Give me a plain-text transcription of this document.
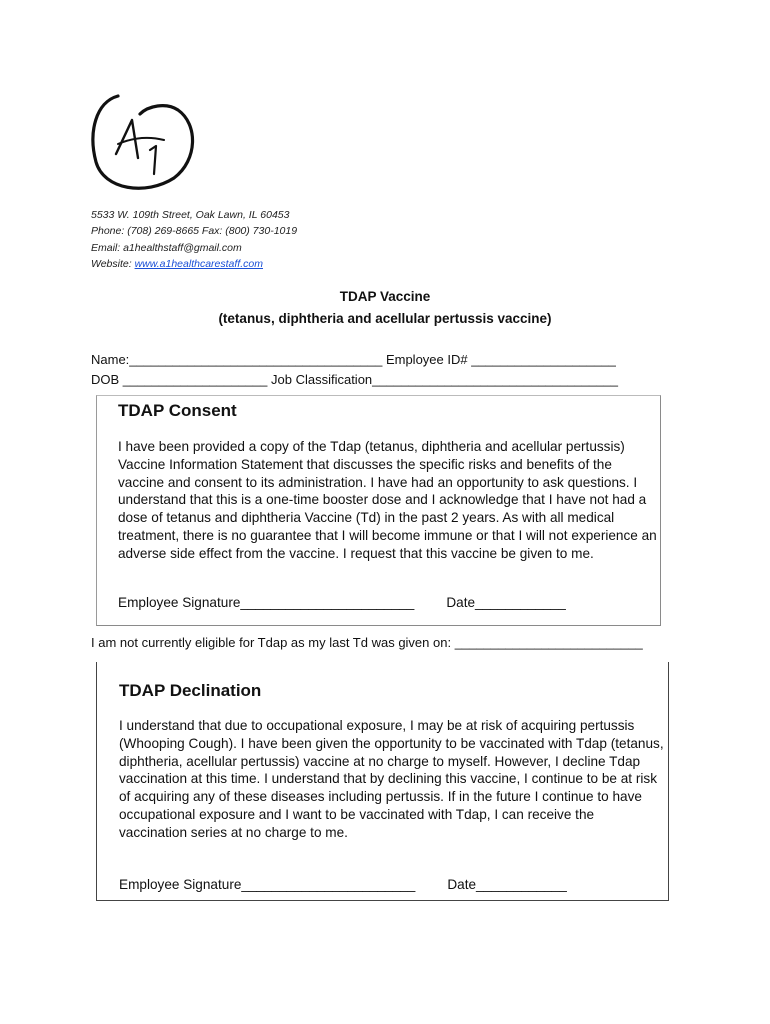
5533 W. 109th Street, Oak Lawn, IL 60453
Phone: (708) 269-8665 Fax: (800) 730-1019
Email: a1healthstaff@gmail.com
Website: www.a1healthcarestaff.com
TDAP Vaccine
(tetanus, diphtheria and acellular pertussis vaccine)
Name:___________________________________ Employee ID# ____________________
DOB ____________________ Job Classification__________________________________
TDAP Consent

I have been provided a copy of the Tdap (tetanus, diphtheria and acellular pertussis) Vaccine Information Statement that discusses the specific risks and benefits of the vaccine and consent to its administration. I have had an opportunity to ask questions. I understand that this is a one-time booster dose and I acknowledge that I have not had a dose of tetanus and diphtheria Vaccine (Td) in the past 2 years. As with all medical treatment, there is no guarantee that I will become immune or that I will not experience an adverse side effect from the vaccine. I request that this vaccine be given to me.

Employee Signature_______________________ Date____________
I am not currently eligible for Tdap as my last Td was given on: __________________________
TDAP Declination

I understand that due to occupational exposure, I may be at risk of acquiring pertussis (Whooping Cough). I have been given the opportunity to be vaccinated with Tdap (tetanus, diphtheria, acellular pertussis) vaccine at no charge to myself. However, I decline Tdap vaccination at this time. I understand that by declining this vaccine, I continue to be at risk of acquiring any of these diseases including pertussis. If in the future I continue to have occupational exposure and I want to be vaccinated with Tdap, I can receive the vaccination series at no charge to me.

Employee Signature_______________________ Date____________
